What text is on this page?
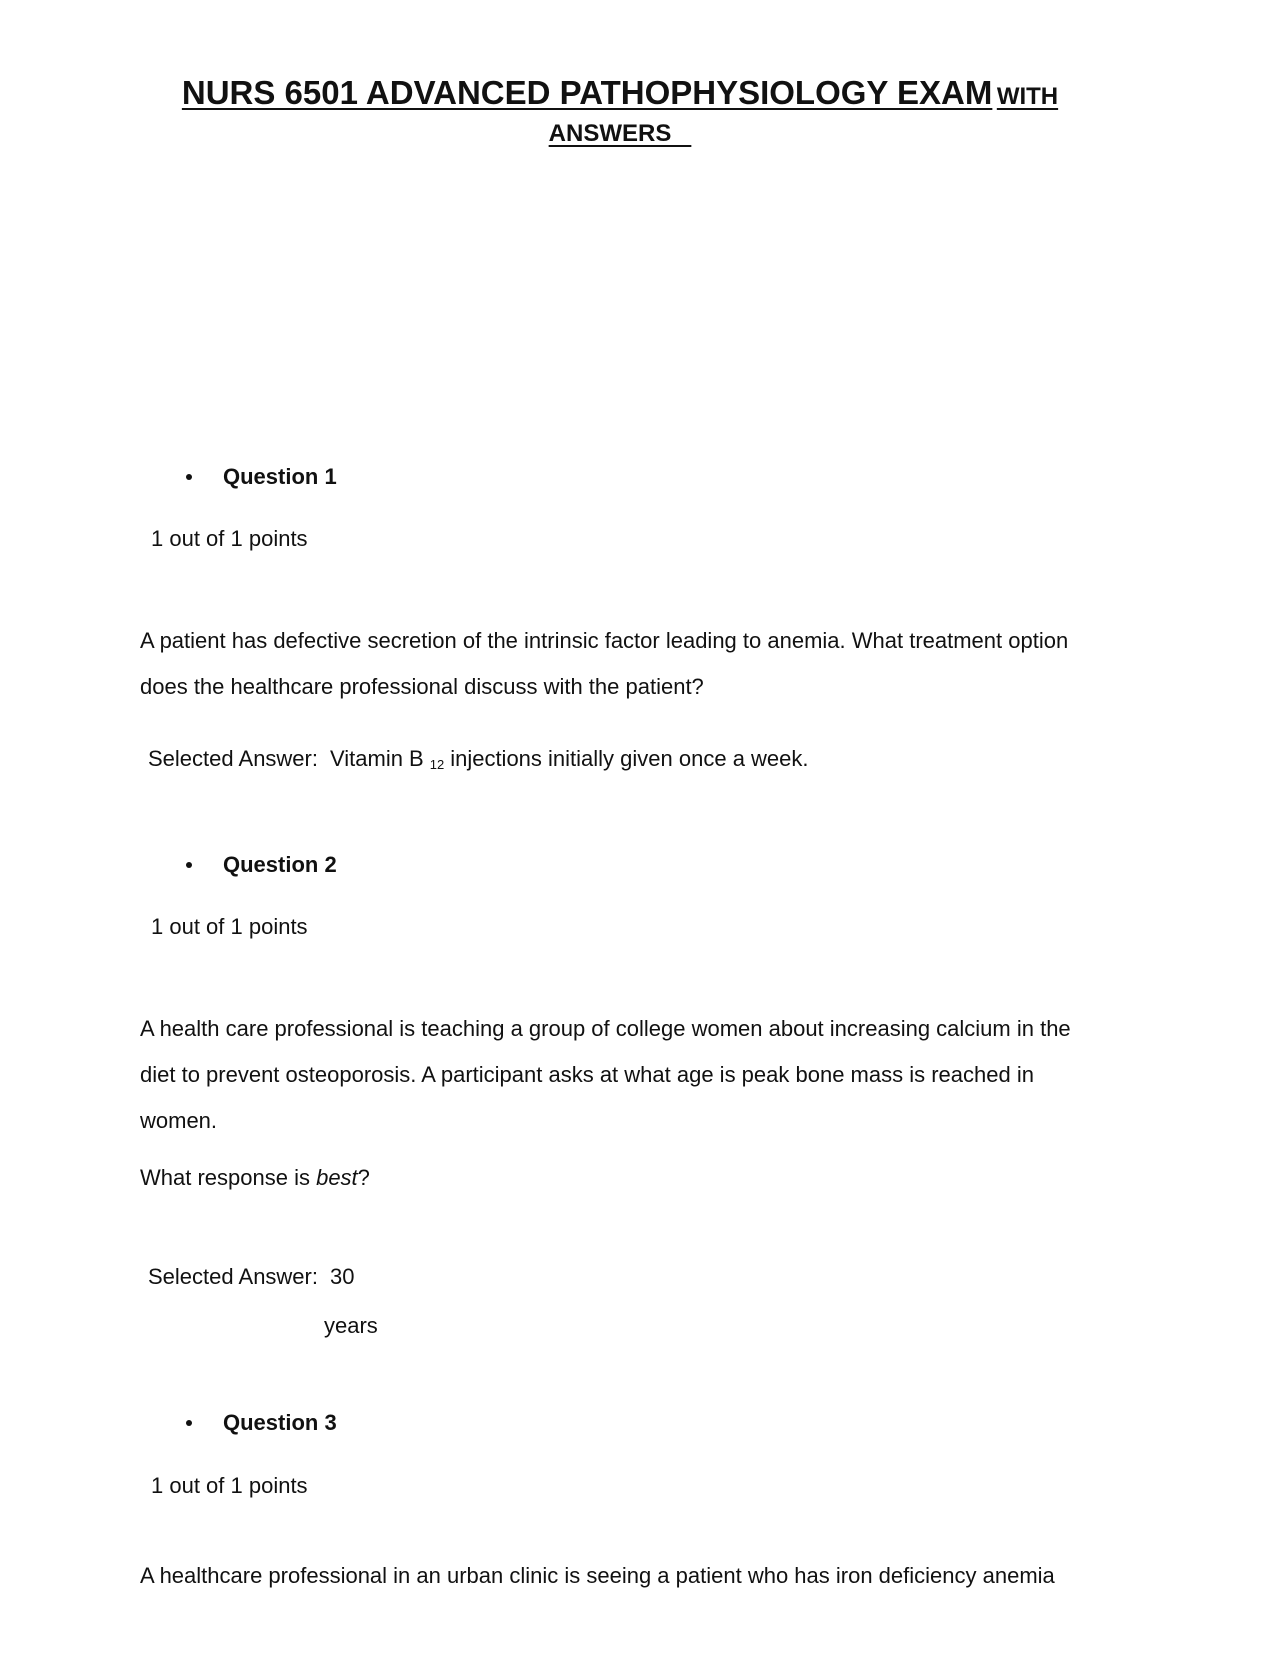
NURS 6501 ADVANCED PATHOPHYSIOLOGY EXAM WITH
ANSWERS
Question 1
1 out of 1 points
A patient has defective secretion of the intrinsic factor leading to anemia. What treatment option does the healthcare professional discuss with the patient?
Selected Answer: Vitamin B $_{12}$ injections initially given once a week.
Question 2
1 out of 1 points
A health care professional is teaching a group of college women about increasing calcium in the diet to prevent osteoporosis. A participant asks at what age is peak bone mass is reached in women.
What response is best?
Selected Answer: 30
years
Question 3
1 out of 1 points
A healthcare professional in an urban clinic is seeing a patient who has iron deficiency anemia
